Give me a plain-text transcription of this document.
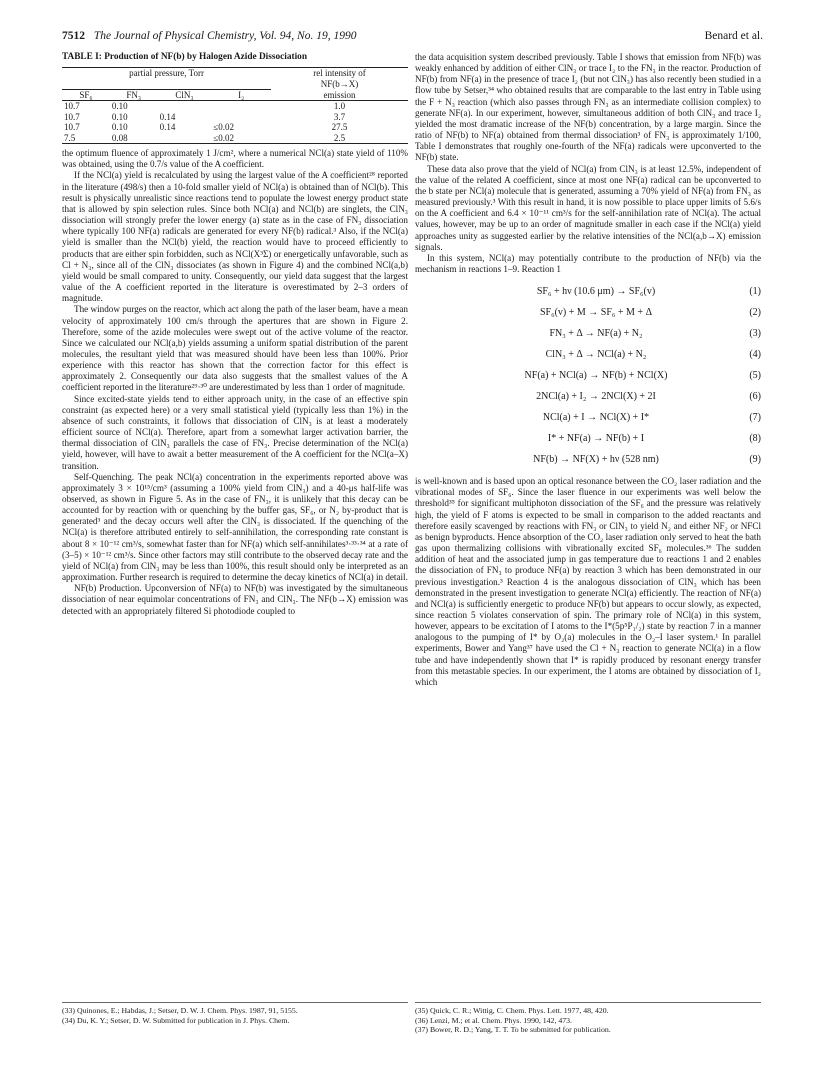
7512 The Journal of Physical Chemistry, Vol. 94, No. 19, 1990	Benard et al.
TABLE I: Production of NF(b) by Halogen Azide Dissociation
partial pressure, Torr				rel intensity of
				NF(b→X)
SF₆	FN₃	ClN₃	I₂	emission
10.7	0.10			1.0
10.7	0.10	0.14		3.7
10.7	0.10	0.14	≤0.02	27.5
7.5	0.08		≤0.02	2.5

the optimum fluence of approximately 1 J/cm², where a numerical NCl(a) state yield of 110% was obtained, using the 0.7/s value of the A coefficient.

If the NCl(a) yield is recalculated by using the largest value of the A coefficient²⁸ reported in the literature (498/s) then a 10-fold smaller yield of NCl(a) is obtained than of NCl(b). This result is physically unrealistic since reactions tend to populate the lowest energy product state that is allowed by spin selection rules. Since both NCl(a) and NCl(b) are singlets, the ClN₃ dissociation will strongly prefer the lower energy (a) state as in the case of FN₃ dissociation where typically 100 NF(a) radicals are generated for every NF(b) radical.³ Also, if the NCl(a) yield is smaller than the NCl(b) yield, the reaction would have to proceed efficiently to products that are either spin forbidden, such as NCl(X³Σ) or energetically unfavorable, such as Cl + N₃, since all of the ClN₃ dissociates (as shown in Figure 4) and the combined NCl(a,b) yield would be small compared to unity. Consequently, our yield data suggest that the largest value of the A coefficient reported in the literature is overestimated by 2–3 orders of magnitude.

The window purges on the reactor, which act along the path of the laser beam, have a mean velocity of approximately 100 cm/s through the apertures that are shown in Figure 2. Therefore, some of the azide molecules were swept out of the active volume of the reactor. Since we calculated our NCl(a,b) yields assuming a uniform spatial distribution of the parent molecules, the resultant yield that was measured should have been less than 100%. Prior experience with this reactor has shown that the correction factor for this effect is approximately 2. Consequently our data also suggests that the smallest values of the A coefficient reported in the literature²⁹·³⁰ are underestimated by less than 1 order of magnitude.

Since excited-state yields tend to either approach unity, in the case of an effective spin constraint (as expected here) or a very small statistical yield (typically less than 1%) in the absence of such constraints, it follows that dissociation of ClN₃ is at least a moderately efficient source of NCl(a). Therefore, apart from a somewhat larger activation barrier, the thermal dissociation of ClN₃ parallels the case of FN₃. Precise determination of the NCl(a) yield, however, will have to await a better measurement of the A coefficient for the NCl(a–X) transition.

Self-Quenching. The peak NCl(a) concentration in the experiments reported above was approximately 3 × 10¹⁵/cm³ (assuming a 100% yield from ClN₃) and a 40-μs half-life was observed, as shown in Figure 5. As in the case of FN₃, it is unlikely that this decay can be accounted for by reaction with or quenching by the buffer gas, SF₆, or N₂ by-product that is generated³ and the decay occurs well after the ClN₃ is dissociated. If the quenching of the NCl(a) is therefore attributed entirely to self-annihilation, the corresponding rate constant is about 8 × 10⁻¹² cm³/s, somewhat faster than for NF(a) which self-annihilates³·³³·³⁴ at a rate of (3–5) × 10⁻¹² cm³/s. Since other factors may still contribute to the observed decay rate and the yield of NCl(a) from ClN₃ may be less than 100%, this result should only be interpreted as an approximation. Further research is required to determine the decay kinetics of NCl(a) in detail.

NF(b) Production. Upconversion of NF(a) to NF(b) was investigated by the simultaneous dissociation of near equimolar concentrations of FN₃ and ClN₃. The NF(b→X) emission was detected with an appropriately filtered Si photodiode coupled to

the data acquisition system described previously. Table I shows that emission from NF(b) was weakly enhanced by addition of either ClN₃ or trace I₂ to the FN₃ in the reactor. Production of NF(b) from NF(a) in the presence of trace I₂ (but not ClN₃) has also recently been studied in a flow tube by Setser,³⁴ who obtained results that are comparable to the last entry in Table using the F + N₃ reaction (which also passes through FN₃ as an intermediate collision complex) to generate NF(a). In our experiment, however, simultaneous addition of both ClN₃ and trace I₂ yielded the most dramatic increase of the NF(b) concentration, by a large margin. Since the ratio of NF(b) to NF(a) obtained from thermal dissociation³ of FN₃ is approximately 1/100, Table I demonstrates that roughly one-fourth of the NF(a) radicals were upconverted to the NF(b) state.

These data also prove that the yield of NCl(a) from ClN₃ is at least 12.5%, independent of the value of the related A coefficient, since at most one NF(a) radical can be upconverted to the b state per NCl(a) molecule that is generated, assuming a 70% yield of NF(a) from FN₃ as measured previously.³ With this result in hand, it is now possible to place upper limits of 5.6/s on the A coefficient and 6.4 × 10⁻¹¹ cm³/s for the self-annihilation rate of NCl(a). The actual values, however, may be up to an order of magnitude smaller in each case if the NCl(a) yield approaches unity as suggested earlier by the relative intensities of the NCl(a,b→X) emission signals.

In this system, NCl(a) may potentially contribute to the production of NF(b) via the mechanism in reactions 1–9. Reaction 1

SF₆ + hν (10.6 μm) → SF₆(v)	(1)
SF₆(v) + M → SF₆ + M + Δ	(2)
FN₃ + Δ → NF(a) + N₂	(3)
ClN₃ + Δ → NCl(a) + N₂	(4)
NF(a) + NCl(a) → NF(b) + NCl(X)	(5)
2NCl(a) + I₂ → 2NCl(X) + 2I	(6)
NCl(a) + I → NCl(X) + I*	(7)
I* + NF(a) → NF(b) + I	(8)
NF(b) → NF(X) + hν (528 nm)	(9)

is well-known and is based upon an optical resonance between the CO₂ laser radiation and the vibrational modes of SF₆. Since the laser fluence in our experiments was well below the threshold³⁵ for significant multiphoton dissociation of the SF₆ and the pressure was relatively high, the yield of F atoms is expected to be small in comparison to the added reactants and therefore easily scavenged by reactions with FN₃ or ClN₃ to yield N₂ and either NF₂ or NFCl as benign byproducts. Hence absorption of the CO₂ laser radiation only served to heat the bath gas upon thermalizing collisions with vibrationally excited SF₆ molecules.³⁶ The sudden addition of heat and the associated jump in gas temperature due to reactions 1 and 2 enables the dissociation of FN₃ to produce NF(a) by reaction 3 which has been demonstrated in our previous investigation.³ Reaction 4 is the analogous dissociation of ClN₃ which has been demonstrated in the present investigation to generate NCl(a) efficiently. The reaction of NF(a) and NCl(a) is sufficiently energetic to produce NF(b) but appears to occur slowly, as expected, since reaction 5 violates conservation of spin. The primary role of NCl(a) in this system, however, appears to be excitation of I atoms to the I*(5p⁵P₁/₂) state by reaction 7 in a manner analogous to the pumping of I* by O₂(a) molecules in the O₂–I laser system.¹ In parallel experiments, Bower and Yang³⁷ have used the Cl + N₃ reaction to generate NCl(a) in a flow tube and have independently shown that I* is rapidly produced by resonant energy transfer from this metastable species. In our experiment, the I atoms are obtained by dissociation of I₂ which

(33) Quinones, E.; Habdas, J.; Setser, D. W. J. Chem. Phys. 1987, 91, 5155.
(34) Du, K. Y.; Setser, D. W. Submitted for publication in J. Phys. Chem.
(35) Quick, C. R.; Wittig, C. Chem. Phys. Lett. 1977, 48, 420.
(36) Lenzi, M.; et al. Chem. Phys. 1990, 142, 473.
(37) Bower, R. D.; Yang, T. T. To be submitted for publication.
